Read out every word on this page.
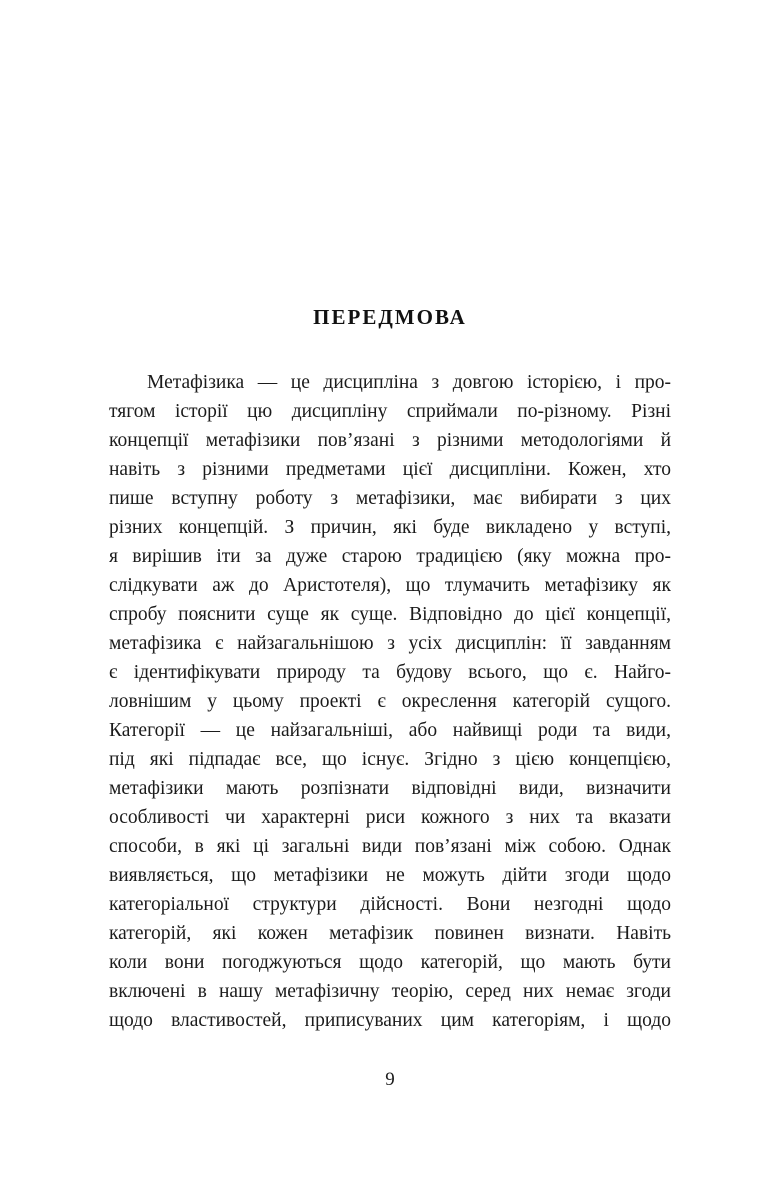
ПЕРЕДМОВА
Метафізика — це дисципліна з довгою історією, і про-
тягом історії цю дисципліну сприймали по-різному. Різні
концепції метафізики пов’язані з різними методологіями й
навіть з різними предметами цієї дисципліни. Кожен, хто
пише вступну роботу з метафізики, має вибирати з цих
різних концепцій. З причин, які буде викладено у вступі,
я вирішив іти за дуже старою традицією (яку можна про-
слідкувати аж до Аристотеля), що тлумачить метафізику як
спробу пояснити суще як суще. Відповідно до цієї концепції,
метафізика є найзагальнішою з усіх дисциплін: її завданням
є ідентифікувати природу та будову всього, що є. Найго-
ловнішим у цьому проекті є окреслення категорій сущого.
Категорії — це найзагальніші, або найвищі роди та види,
під які підпадає все, що існує. Згідно з цією концепцією,
метафізики мають розпізнати відповідні види, визначити
особливості чи характерні риси кожного з них та вказати
способи, в які ці загальні види пов’язані між собою. Однак
виявляється, що метафізики не можуть дійти згоди щодо
категоріальної структури дійсності. Вони незгодні щодо
категорій, які кожен метафізик повинен визнати. Навіть
коли вони погоджуються щодо категорій, що мають бути
включені в нашу метафізичну теорію, серед них немає згоди
щодо властивостей, приписуваних цим категоріям, і щодо
9
